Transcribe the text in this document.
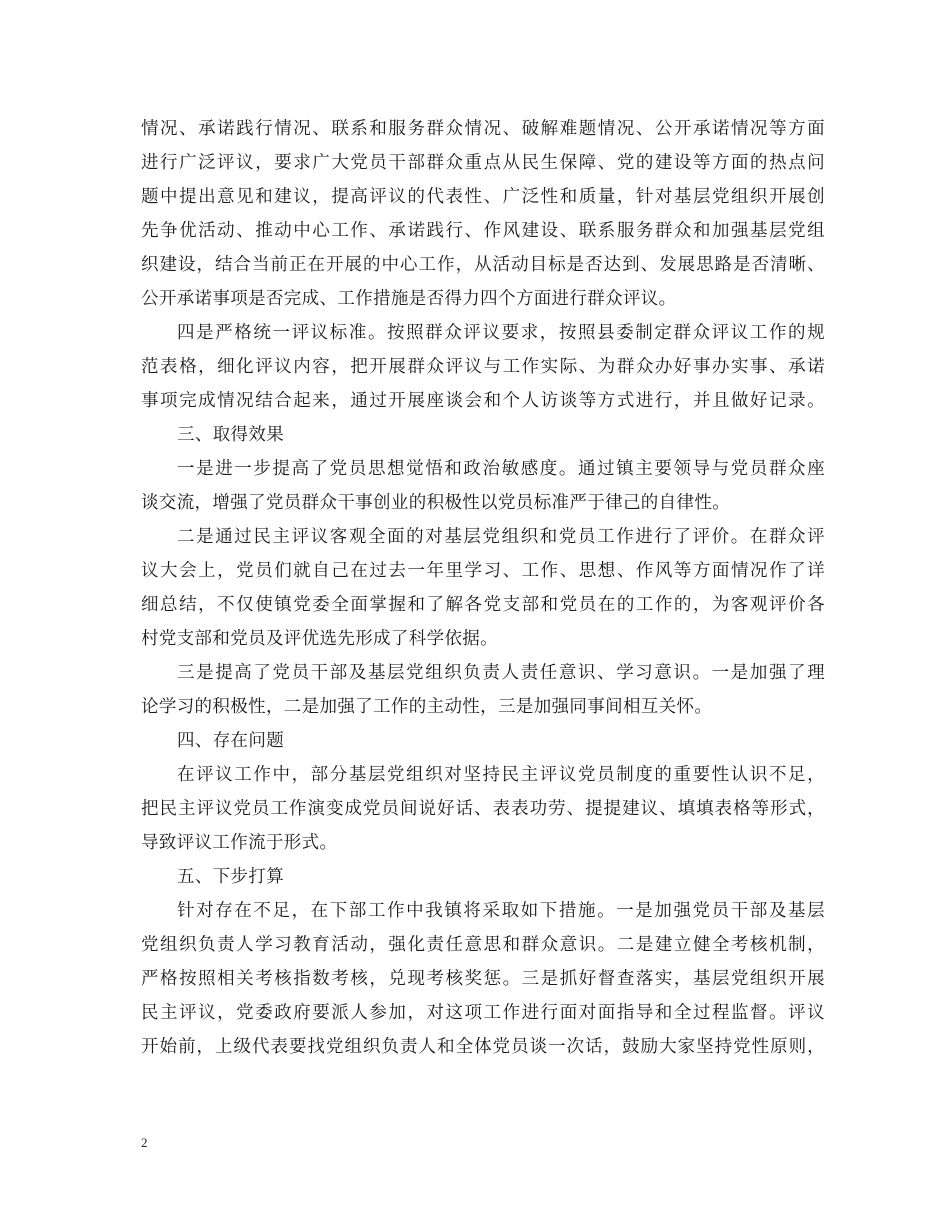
情况、承诺践行情况、联系和服务群众情况、破解难题情况、公开承诺情况等方面
进行广泛评议，要求广大党员干部群众重点从民生保障、党的建设等方面的热点问
题中提出意见和建议，提高评议的代表性、广泛性和质量，针对基层党组织开展创
先争优活动、推动中心工作、承诺践行、作风建设、联系服务群众和加强基层党组
织建设，结合当前正在开展的中心工作，从活动目标是否达到、发展思路是否清晰、
公开承诺事项是否完成、工作措施是否得力四个方面进行群众评议。
四是严格统一评议标准。按照群众评议要求，按照县委制定群众评议工作的规
范表格，细化评议内容，把开展群众评议与工作实际、为群众办好事办实事、承诺
事项完成情况结合起来，通过开展座谈会和个人访谈等方式进行，并且做好记录。
三、取得效果
一是进一步提高了党员思想觉悟和政治敏感度。通过镇主要领导与党员群众座
谈交流，增强了党员群众干事创业的积极性以党员标准严于律己的自律性。
二是通过民主评议客观全面的对基层党组织和党员工作进行了评价。在群众评
议大会上，党员们就自己在过去一年里学习、工作、思想、作风等方面情况作了详
细总结，不仅使镇党委全面掌握和了解各党支部和党员在的工作的，为客观评价各
村党支部和党员及评优选先形成了科学依据。
三是提高了党员干部及基层党组织负责人责任意识、学习意识。一是加强了理
论学习的积极性，二是加强了工作的主动性，三是加强同事间相互关怀。
四、存在问题
在评议工作中，部分基层党组织对坚持民主评议党员制度的重要性认识不足，
把民主评议党员工作演变成党员间说好话、表表功劳、提提建议、填填表格等形式，
导致评议工作流于形式。
五、下步打算
针对存在不足，在下部工作中我镇将采取如下措施。一是加强党员干部及基层
党组织负责人学习教育活动，强化责任意思和群众意识。二是建立健全考核机制，
严格按照相关考核指数考核，兑现考核奖惩。三是抓好督查落实，基层党组织开展
民主评议，党委政府要派人参加，对这项工作进行面对面指导和全过程监督。评议
开始前，上级代表要找党组织负责人和全体党员谈一次话，鼓励大家坚持党性原则，
2
